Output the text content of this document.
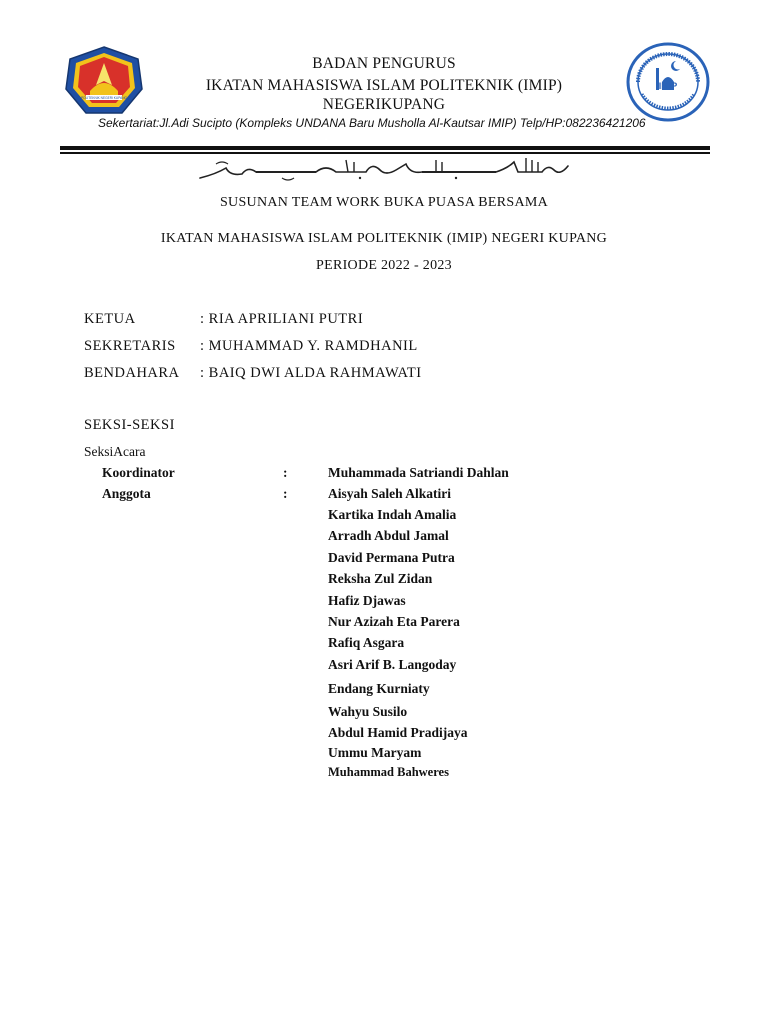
POLITEKNIK NEGERI KUPANG
IMIP
BADAN PENGURUS
IKATAN MAHASISWA ISLAM POLITEKNIK (IMIP)
NEGERIKUPANG
Sekertariat:Jl.Adi Sucipto (Kompleks UNDANA Baru Musholla Al-Kautsar IMIP) Telp/HP:082236421206
SUSUNAN TEAM WORK BUKA PUASA BERSAMA
IKATAN MAHASISWA ISLAM POLITEKNIK (IMIP) NEGERI KUPANG
PERIODE 2022 - 2023
KETUA	: RIA APRILIANI PUTRI
SEKRETARIS : MUHAMMAD Y. RAMDHANIL
BENDAHARA : BAIQ DWI ALDA RAHMAWATI
SEKSI-SEKSI
SeksiAcara
Koordinator	:	Muhammada Satriandi Dahlan
Anggota	:	Aisyah Saleh Alkatiri
Kartika Indah Amalia
Arradh Abdul Jamal
David Permana Putra
Reksha Zul Zidan
Hafiz Djawas
Nur Azizah Eta Parera
Rafiq Asgara
Asri Arif B. Langoday
Endang Kurniaty
Wahyu Susilo
Abdul Hamid Pradijaya
Ummu Maryam
Muhammad Bahweres
